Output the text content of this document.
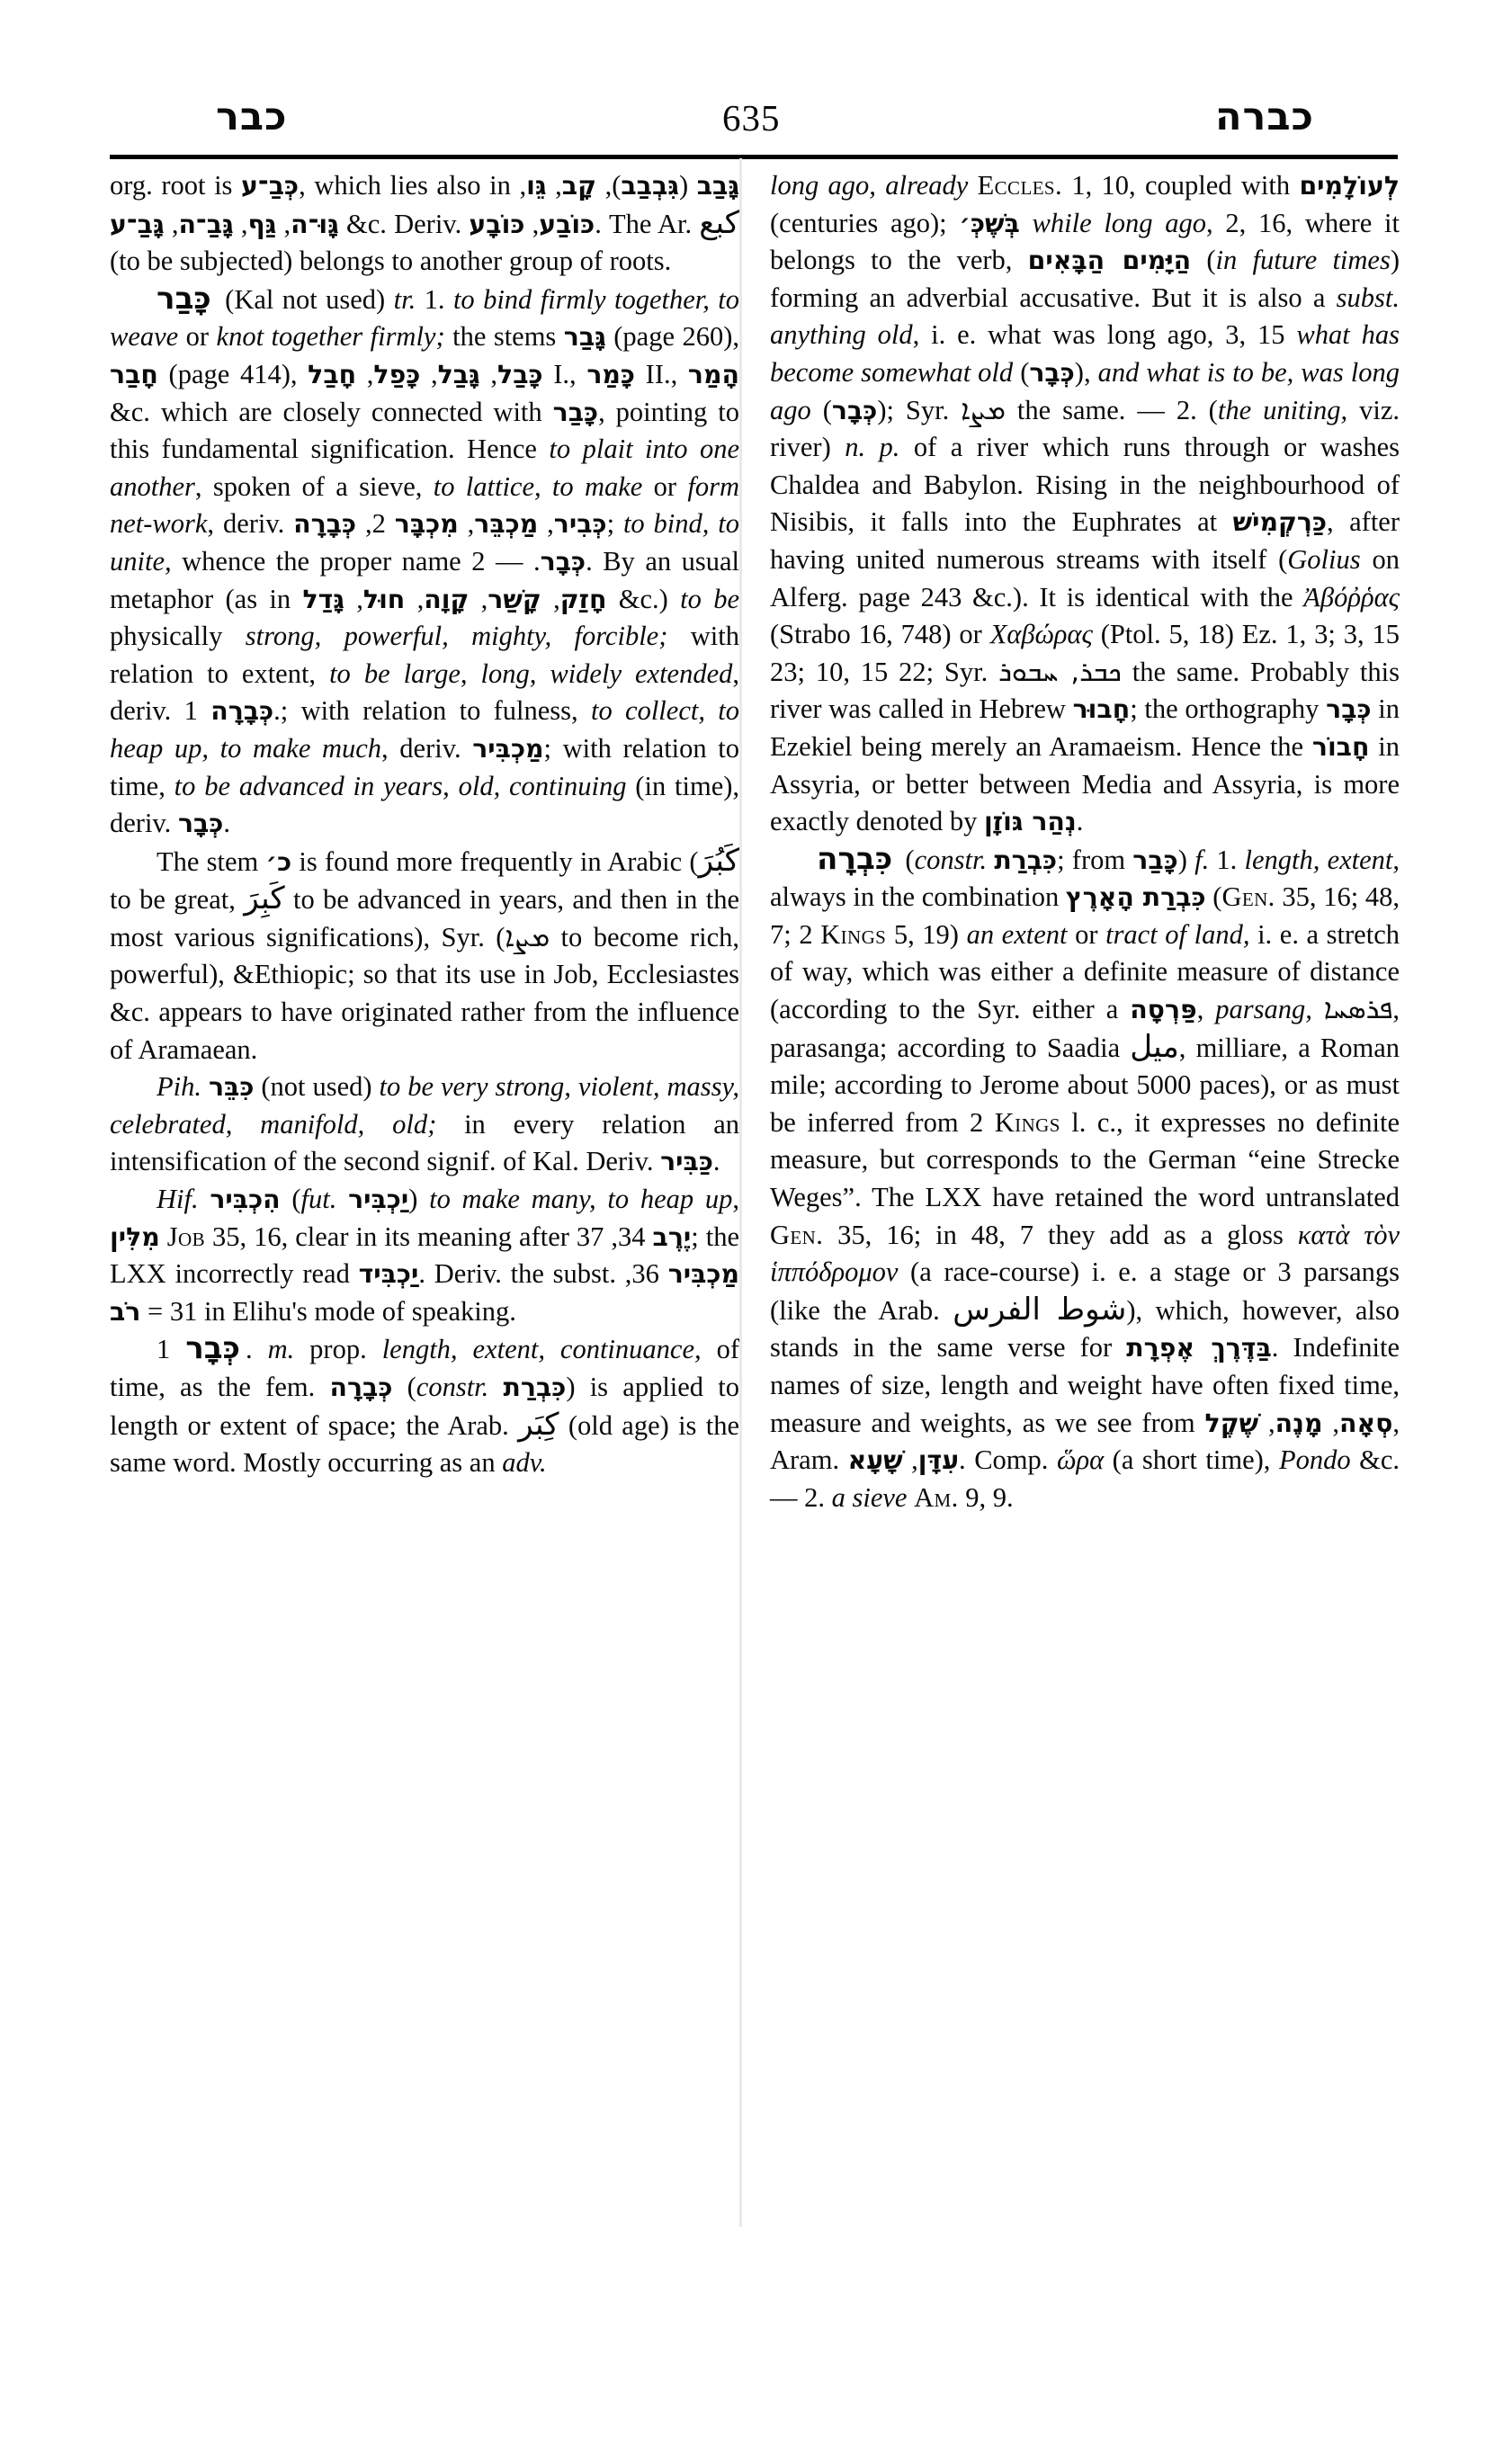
כבר	635	כברה

org. root is כְּבַ־ע, which lies also in	גָּבַב (גִּבְבַב), קָב, גֵּו, גָּוּ־ה, גַּף, גָּבַ־ה, גָּבַ־ע	&c. Deriv.	כּוֹבַע, כּוֹבָע	. The Ar. كبع (to be subjected) belongs to another group of roots.

כָּבַר (Kal not used) tr. 1. to bind firmly together, to weave or knot together firmly; the stems גָּבַר (page 260), חָבַר (page 414),	כָּבַל, גָּבַל, כָּפַל, חָבַל	I., כָּמַר II., הָמַר &c. which are closely connected with כָּבַר, pointing to this fundamental signification. Hence to plait into one another, spoken of a sieve, to lattice, to make or form net-work, deriv.	כְּבִיר, מַכְבֵּר, מִכְבָּר 2, כְּבָרָה	; to bind, to unite, whence the proper name	כְּבָר. — 2. By an usual metaphor (as in	חָזַק, קָשַׁר, קָוָה, חוּל, גָּדַל	&c.) to be physically strong, powerful, mighty, forcible; with relation to extent, to be large, long, widely extended, deriv. כְּבָרָה 1.; with relation to fulness, to collect, to heap up, to make much, deriv. מַכְבִּיר; with relation to time, to be advanced in years, old, continuing (in time), deriv. כְּבָר.

The stem כ׳ is found more frequently in Arabic (كَبُرَ to be great, كَبِرَ to be advanced in years, and then in the most various significations), Syr. (ܡܨܐ to become rich, powerful), &Ethiopic; so that its use in Job, Ecclesiastes &c. appears to have originated rather from the influence of Aramaean.

Pih. כִּבֵּר (not used) to be very strong, violent, massy, celebrated, manifold, old; in every relation an intensification of the second signif. of Kal. Deriv. כַּבִּיר.

Hif. הִכְבִּיר (fut. יַכְבִּיר) to make many, to heap up, מִלִּין Job 35, 16, clear in its meaning after	יֶרֶב 34, 37; the LXX incorrectly read יַכְבִּיד. Deriv. the subst. מַכְבִּיר 36, 31 = רֹב in Elihu's mode of speaking.

כְּבָר 1. m. prop. length, extent, continuance, of time, as the fem. כְּבָרָה (constr. כִּבְרַת) is applied to length or extent of space; the Arab. كِبَر (old age) is the same word. Mostly occurring as an adv.

long ago, already Eccles. 1, 10, coupled with לְעוֹלָמִים (centuries ago); בְּשֶׁכְּ׳ while long ago, 2, 16, where it belongs to the verb, הַיָּמִים הַבָּאִים (in future times) forming an adverbial accusative. But it is also a subst. anything old, i. e. what was long ago, 3, 15 what has become somewhat old (כְּבָר), and what is to be, was long ago (כְּבָר); Syr. ܡܨܐ the same. — 2. (the uniting, viz. river) n. p. of a river which runs through or washes Chaldea and Babylon. Rising in the neighbourhood of Nisibis, it falls into the Euphrates at כַּרְקְמִישׁ, after having united numerous streams with itself (Golius on Alferg. page 243 &c.). It is identical with the Ἀβόῤῥας (Strabo 16, 748) or Χαβώρας (Ptol. 5, 18) Ez. 1, 3; 3, 15 23; 10, 15 22; Syr. ܟܒܪ, ܚܒܘܪ the same. Probably this river was called in Hebrew חָבוּר; the orthography כְּבָר in Ezekiel being merely an Aramaeism. Hence the חָבוֹר in Assyria, or better between Media and Assyria, is more exactly denoted by נְהַר גּוֹזָן.

כִּבְרָה (constr. כִּבְרַת; from כָּבַר) f. 1. length, extent, always in the combination כִּבְרַת הָאָרֶץ (Gen. 35, 16; 48, 7; 2 Kings 5, 19) an extent or tract of land, i. e. a stretch of way, which was either a definite measure of distance (according to the Syr. either a פַּרְסָה, parsang, ܦܪܣܚܐ, parasanga; according to Saadia ميل, milliare, a Roman mile; according to Jerome about 5000 paces), or as must be inferred from 2 Kings l. c., it expresses no definite measure, but corresponds to the German “eine Strecke Weges”. The LXX have retained the word untranslated Gen. 35, 16; in 48, 7 they add as a gloss κατὰ τὸν ἱππόδρομον (a race-course) i. e. a stage or 3 parsangs (like the Arab. شوط الفرس), which, however, also stands in the same verse for בַּדֶּרֶךְ אֶפְרָת. Indefinite names of size, length and weight have often fixed time, measure and weights, as we see from	סְאָה, מָנֶה, שֶׁקֶל	, Aram.	עִדָּן, שָׁעָא . Comp. ὥρα (a short time), Pondo &c. — 2. a sieve Am. 9, 9.
